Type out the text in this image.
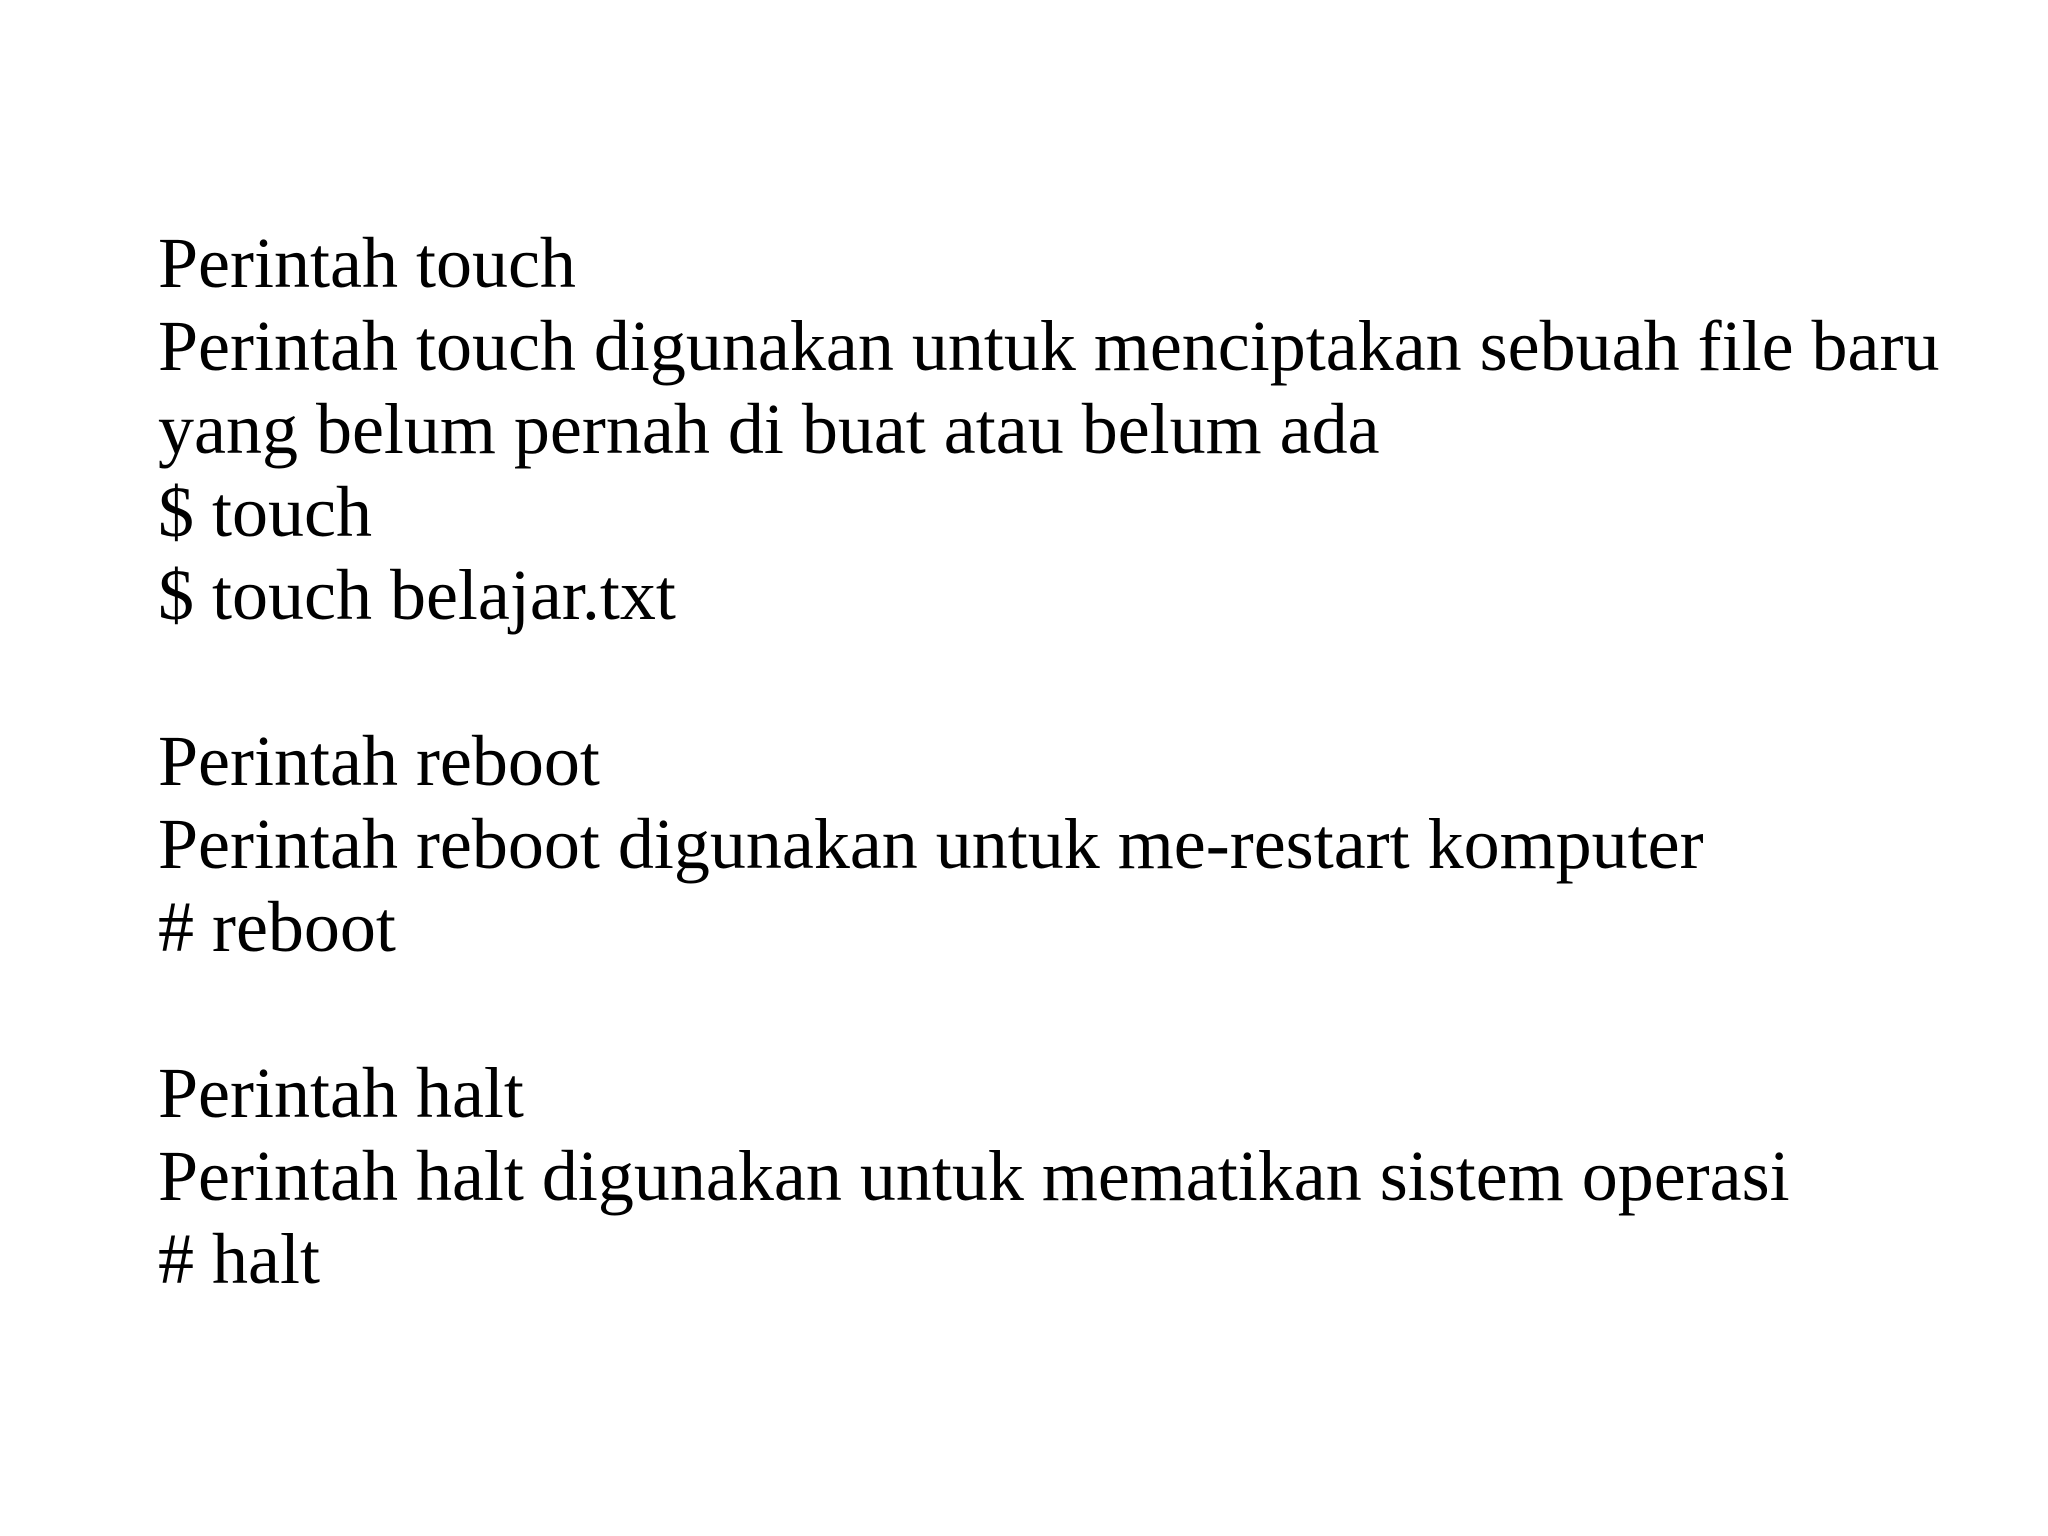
Perintah touch
Perintah touch digunakan untuk menciptakan sebuah file baru
yang belum pernah di buat atau belum ada
$ touch
$ touch belajar.txt
Perintah reboot
Perintah reboot digunakan untuk me-restart komputer
# reboot
Perintah halt
Perintah halt digunakan untuk mematikan sistem operasi
# halt
